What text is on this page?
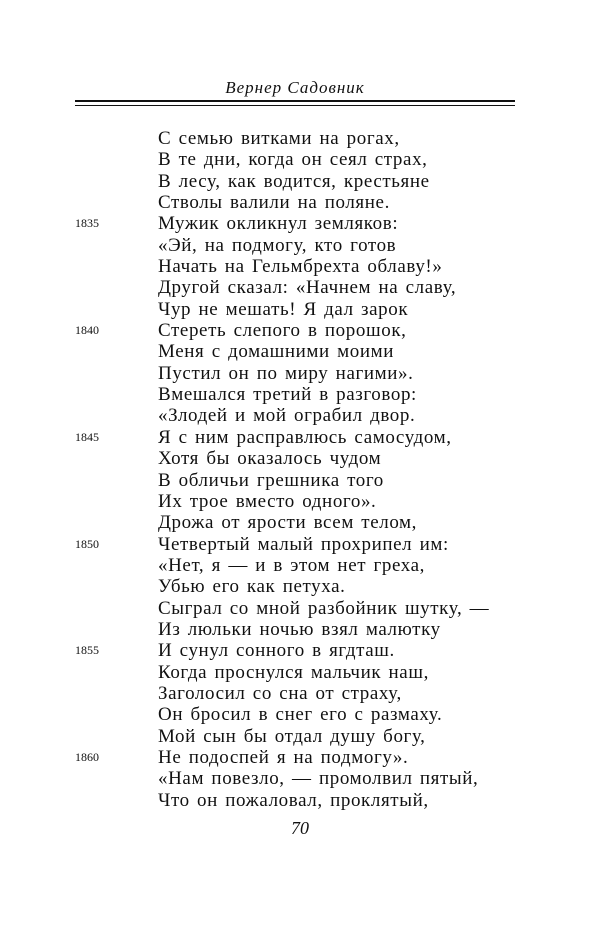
Вернер Садовник
С семью витками на рогах,
В те дни, когда он сеял страх,
В лесу, как водится, крестьяне
Стволы валили на поляне.
1835	Мужик окликнул земляков:
«Эй, на подмогу, кто готов
Начать на Гельмбрехта облаву!»
Другой сказал: «Начнем на славу,
Чур не мешать! Я дал зарок
1840	Стереть слепого в порошок,
Меня с домашними моими
Пустил он по миру нагими».
Вмешался третий в разговор:
«Злодей и мой ограбил двор.
1845	Я с ним расправлюсь самосудом,
Хотя бы оказалось чудом
В обличьи грешника того
Их трое вместо одного».
Дрожа от ярости всем телом,
1850	Четвертый малый прохрипел им:
«Нет, я — и в этом нет греха,
Убью его как петуха.
Сыграл со мной разбойник шутку, —
Из люльки ночью взял малютку
1855	И сунул сонного в ягдташ.
Когда проснулся мальчик наш,
Заголосил со сна от страху,
Он бросил в снег его с размаху.
Мой сын бы отдал душу богу,
1860	Не подоспей я на подмогу».
«Нам повезло, — промолвил пятый,
Что он пожаловал, проклятый,
70
